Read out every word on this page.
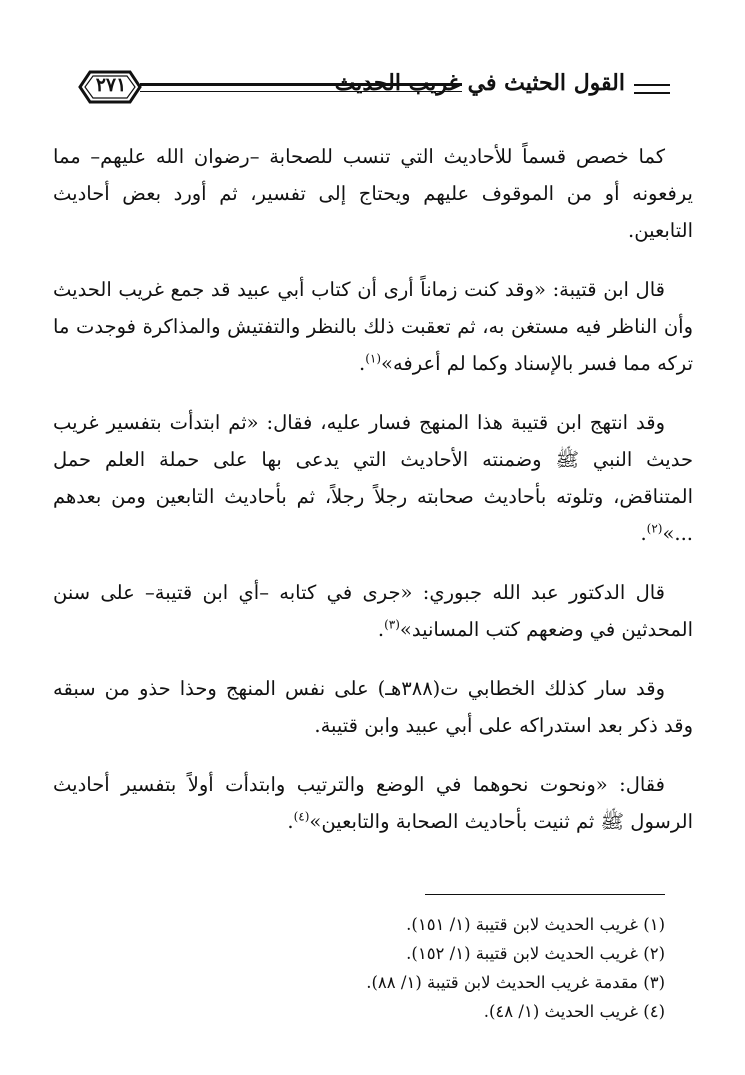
القول الحثيث في غريب الحديث
٢٧١

كما خصص قسماً للأحاديث التي تنسب للصحابة –رضوان الله عليهم– مما يرفعونه أو من الموقوف عليهم ويحتاج إلى تفسير، ثم أورد بعض أحاديث التابعين.

قال ابن قتيبة: «وقد كنت زماناً أرى أن كتاب أبي عبيد قد جمع غريب الحديث وأن الناظر فيه مستغن به، ثم تعقبت ذلك بالنظر والتفتيش والمذاكرة فوجدت ما تركه مما فسر بالإسناد وكما لم أعرفه»$^{(١)}$.

وقد انتهج ابن قتيبة هذا المنهج فسار عليه، فقال: «ثم ابتدأت بتفسير غريب حديث النبي ﷺ وضمنته الأحاديث التي يدعى بها على حملة العلم حمل المتناقض، وتلوته بأحاديث صحابته رجلاً رجلاً، ثم بأحاديث التابعين ومن بعدهم ...»$^{(٢)}$.

قال الدكتور عبد الله جبوري: «جرى في كتابه –أي ابن قتيبة– على سنن المحدثين في وضعهم كتب المسانيد»$^{(٣)}$.

وقد سار كذلك الخطابي ت(٣٨٨هـ) على نفس المنهج وحذا حذو من سبقه وقد ذكر بعد استدراكه على أبي عبيد وابن قتيبة.

فقال: «ونحوت نحوهما في الوضع والترتيب وابتدأت أولاً بتفسير أحاديث الرسول ﷺ ثم ثنيت بأحاديث الصحابة والتابعين»$^{(٤)}$.

(١) غريب الحديث لابن قتيبة (١/ ١٥١).
(٢) غريب الحديث لابن قتيبة (١/ ١٥٢).
(٣) مقدمة غريب الحديث لابن قتيبة (١/ ٨٨).
(٤) غريب الحديث (١/ ٤٨).
